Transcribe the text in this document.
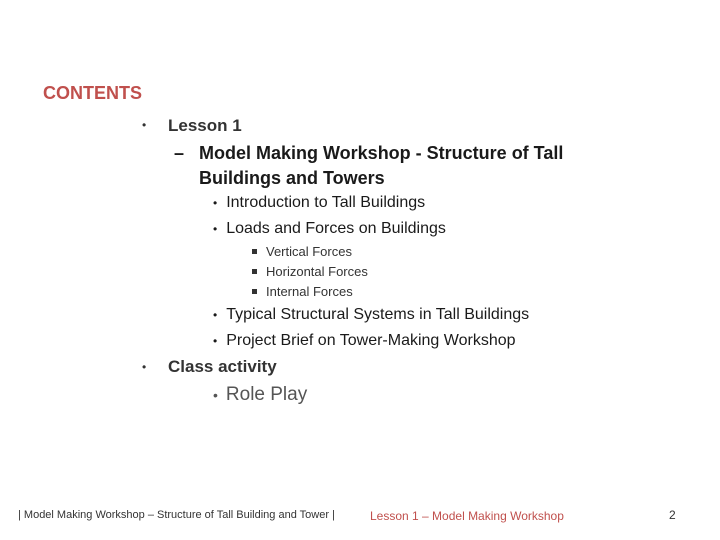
CONTENTS
• Lesson 1
– Model Making Workshop - Structure of Tall Buildings and Towers
• Introduction to Tall Buildings
• Loads and Forces on Buildings
Vertical Forces
Horizontal Forces
Internal Forces
• Typical Structural Systems in Tall Buildings
• Project Brief on Tower-Making Workshop
• Class activity
• Role Play
| Model Making Workshop – Structure of Tall Building and Tower |	Lesson 1 – Model Making Workshop	2
